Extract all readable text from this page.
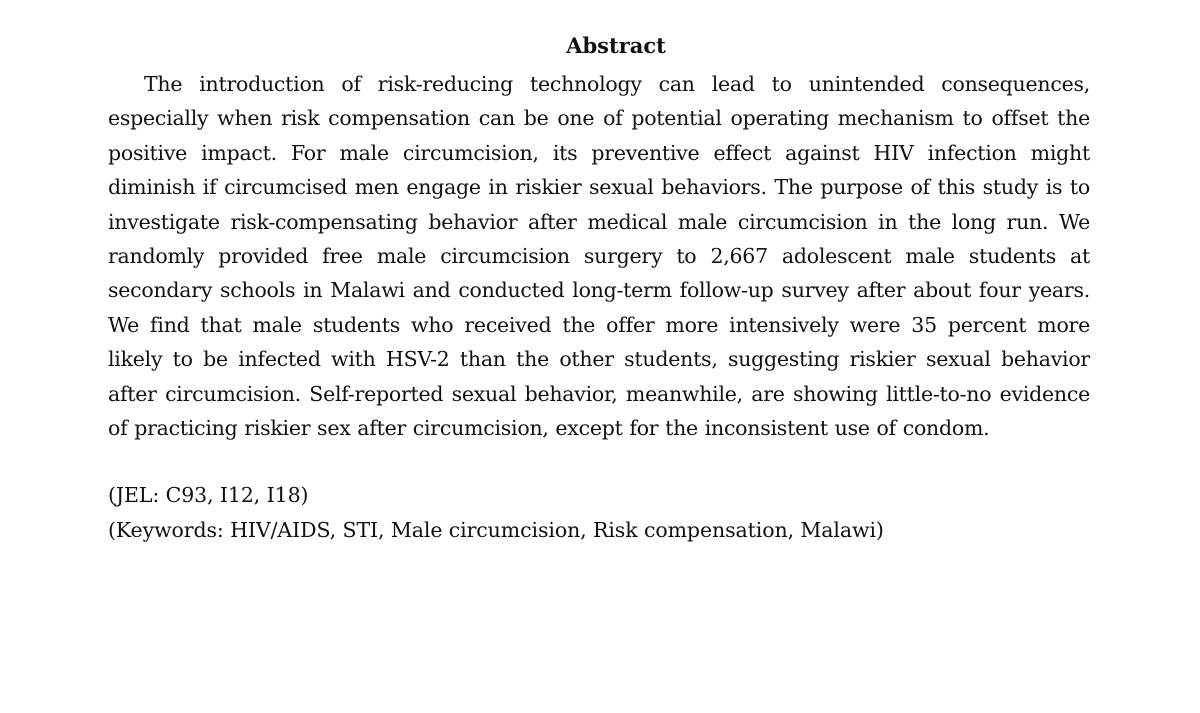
Abstract

The introduction of risk-reducing technology can lead to unintended consequences, especially when risk compensation can be one of potential operating mechanism to offset the positive impact. For male circumcision, its preventive effect against HIV infection might diminish if circumcised men engage in riskier sexual behaviors. The purpose of this study is to investigate risk-compensating behavior after medical male circumcision in the long run. We randomly provided free male circumcision surgery to 2,667 adolescent male students at secondary schools in Malawi and conducted long-term follow-up survey after about four years. We find that male students who received the offer more intensively were 35 percent more likely to be infected with HSV-2 than the other students, suggesting riskier sexual behavior after circumcision. Self-reported sexual behavior, meanwhile, are showing little-to-no evidence of practicing riskier sex after circumcision, except for the inconsistent use of condom.

(JEL: C93, I12, I18)

(Keywords: HIV/AIDS, STI, Male circumcision, Risk compensation, Malawi)
